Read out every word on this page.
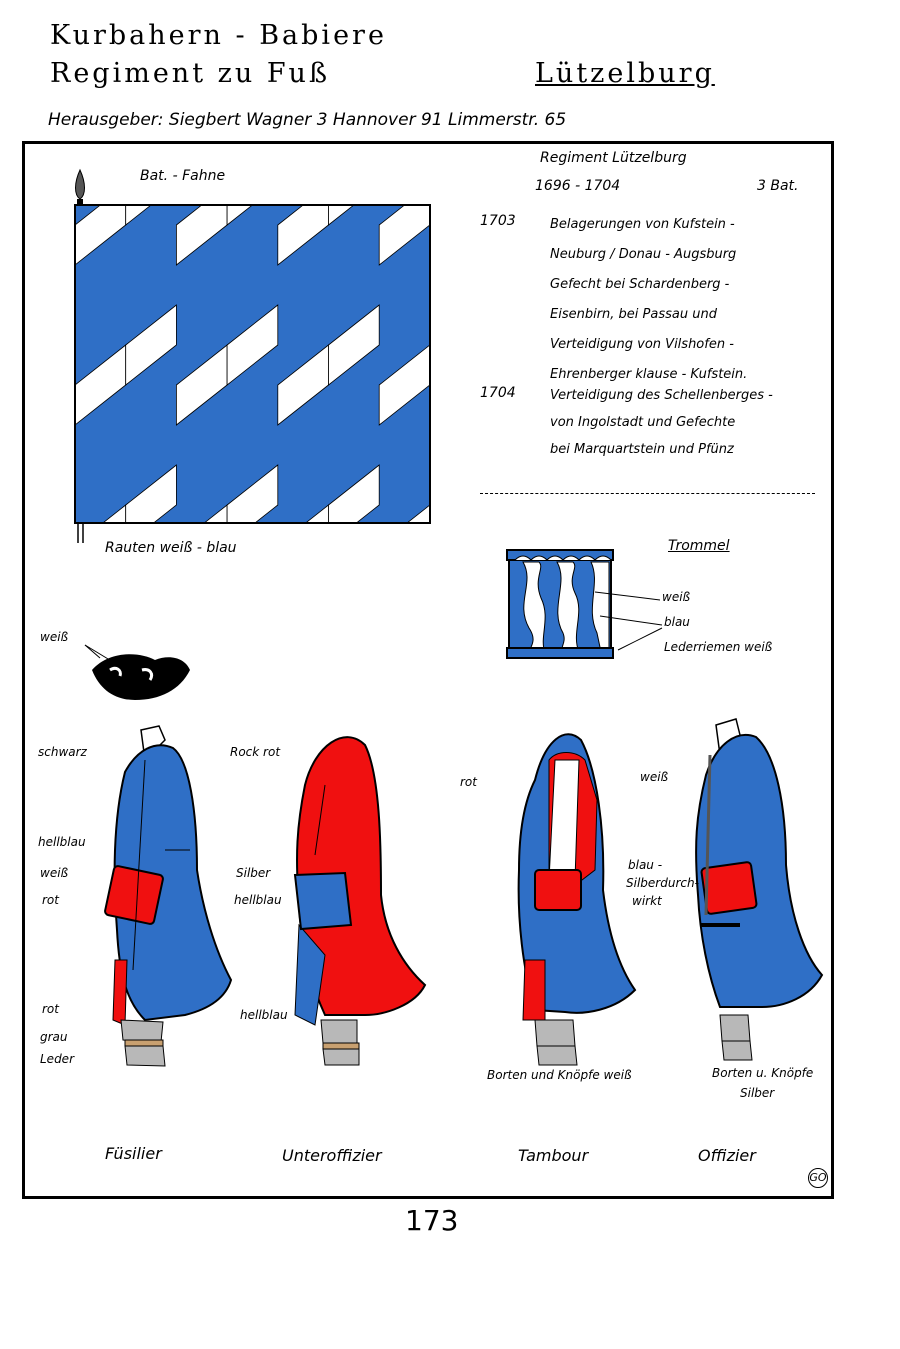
Kurbahern - Babiere
Regiment zu Fuß	Lützelburg
Herausgeber: Siegbert Wagner 3 Hannover 91 Limmerstr. 65
Bat. - Fahne
Rauten weiß - blau
Regiment Lützelburg
1696 - 1704	3 Bat.
1703	Belagerungen von Kufstein -
Neuburg / Donau - Augsburg
Gefecht bei Schardenberg -
Eisenbirn, bei Passau und
Verteidigung von Vilshofen -
Ehrenberger klause - Kufstein.
1704	Verteidigung des Schellenberges -
von Ingolstadt und Gefechte
bei Marquartstein und Pfünz
Trommel
weiß
blau
Lederriemen weiß
weiß
schwarz
hellblau
weiß
rot
rot
grau
Leder
Rock rot
Silber
hellblau
hellblau
rot
Borten und Knöpfe weiß
weiß
blau -
Silberdurch-
wirkt
Borten u. Knöpfe
Silber
Füsilier	Unteroffizier	Tambour	Offizier
GO
173
